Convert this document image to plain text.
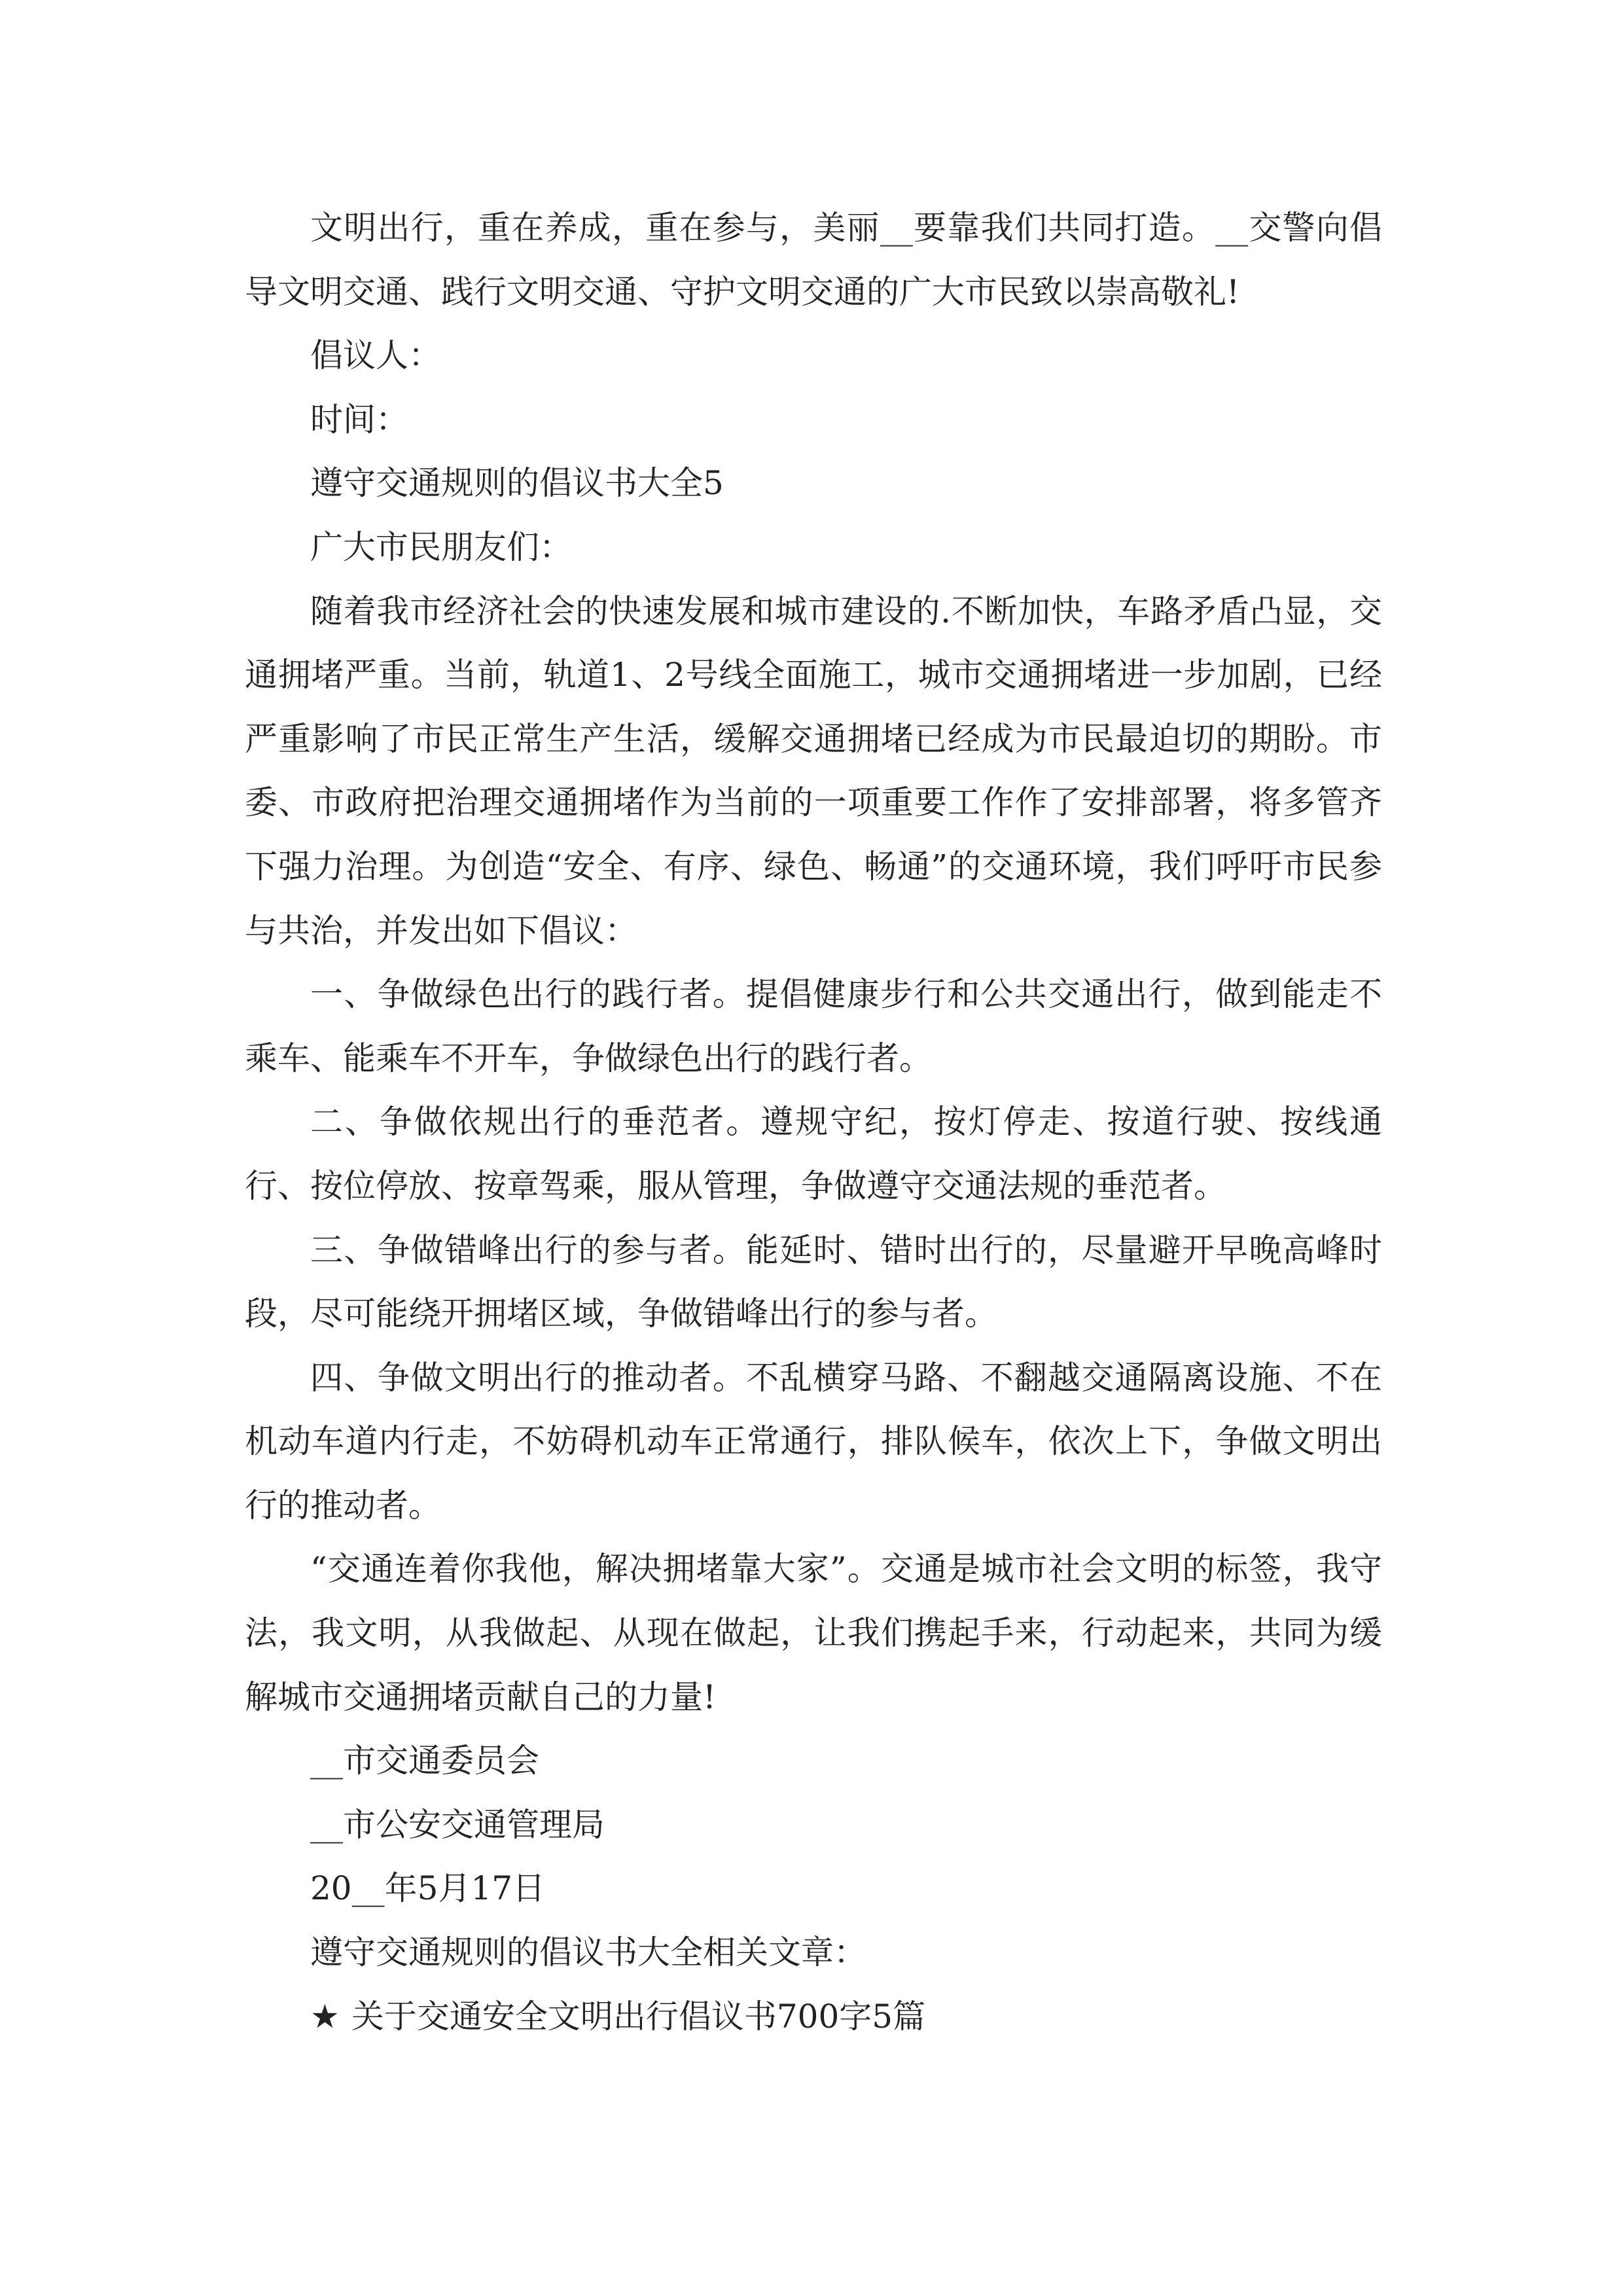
文明出行，重在养成，重在参与，美丽__要靠我们共同打造。__交警向倡导文明交通、践行文明交通、守护文明交通的广大市民致以崇高敬礼!

倡议人：

时间：

遵守交通规则的倡议书大全5

广大市民朋友们：

随着我市经济社会的快速发展和城市建设的.不断加快，车路矛盾凸显，交通拥堵严重。当前，轨道1、2号线全面施工，城市交通拥堵进一步加剧，已经严重影响了市民正常生产生活，缓解交通拥堵已经成为市民最迫切的期盼。市委、市政府把治理交通拥堵作为当前的一项重要工作作了安排部署，将多管齐下强力治理。为创造“安全、有序、绿色、畅通”的交通环境，我们呼吁市民参与共治，并发出如下倡议：

一、争做绿色出行的践行者。提倡健康步行和公共交通出行，做到能走不乘车、能乘车不开车，争做绿色出行的践行者。

二、争做依规出行的垂范者。遵规守纪，按灯停走、按道行驶、按线通行、按位停放、按章驾乘，服从管理，争做遵守交通法规的垂范者。

三、争做错峰出行的参与者。能延时、错时出行的，尽量避开早晚高峰时段，尽可能绕开拥堵区域，争做错峰出行的参与者。

四、争做文明出行的推动者。不乱横穿马路、不翻越交通隔离设施、不在机动车道内行走，不妨碍机动车正常通行，排队候车，依次上下，争做文明出行的推动者。

“交通连着你我他，解决拥堵靠大家”。交通是城市社会文明的标签，我守法，我文明，从我做起、从现在做起，让我们携起手来，行动起来，共同为缓解城市交通拥堵贡献自己的力量!

__市交通委员会

__市公安交通管理局

20__年5月17日

遵守交通规则的倡议书大全相关文章：

★ 关于交通安全文明出行倡议书700字5篇
